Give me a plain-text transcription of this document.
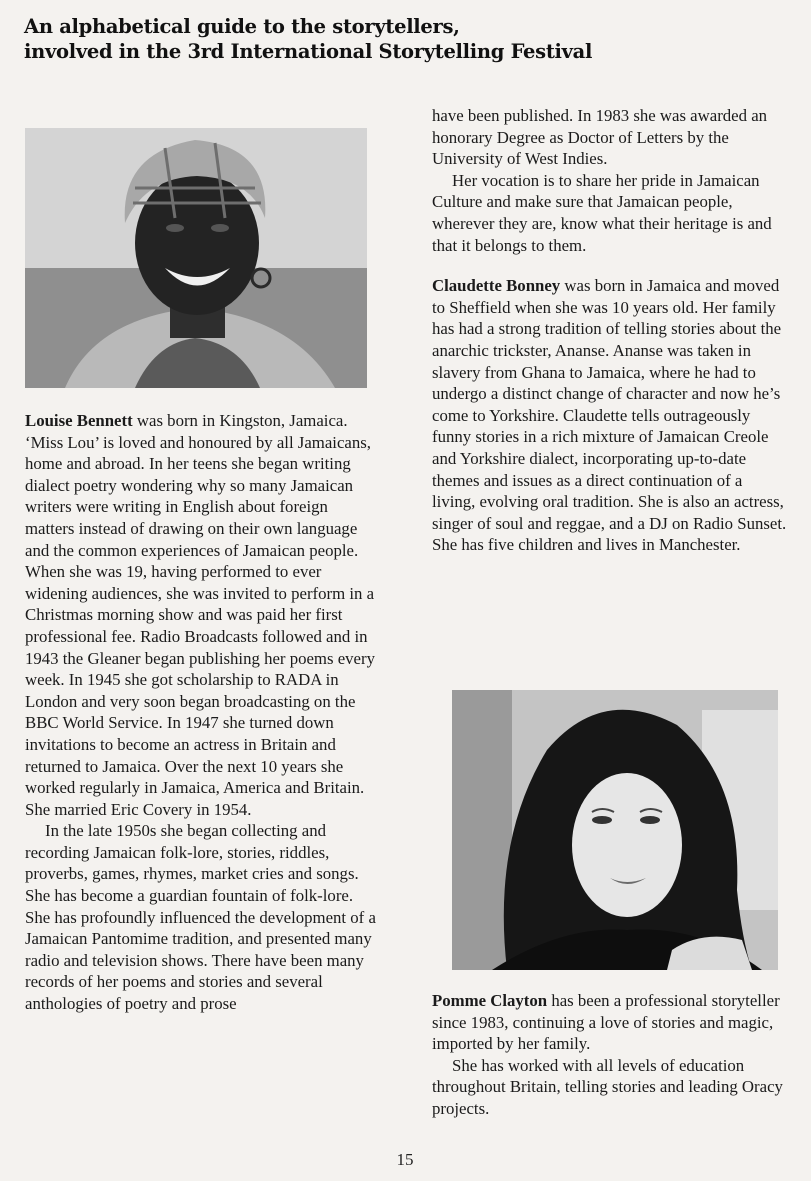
An alphabetical guide to the storytellers,
involved in the 3rd International Storytelling Festival

Louise Bennett was born in Kingston, Jamaica. ‘Miss Lou’ is loved and honoured by all Jamaicans, home and abroad. In her teens she began writing dialect poetry wondering why so many Jamaican writers were writing in English about foreign matters instead of drawing on their own language and the common experiences of Jamaican people. When she was 19, having performed to ever widening audiences, she was invited to perform in a Christmas morning show and was paid her first professional fee. Radio Broadcasts followed and in 1943 the Gleaner began publishing her poems every week. In 1945 she got scholarship to RADA in London and very soon began broadcasting on the BBC World Service. In 1947 she turned down invitations to become an actress in Britain and returned to Jamaica. Over the next 10 years she worked regularly in Jamaica, America and Britain. She married Eric Covery in 1954.

In the late 1950s she began collecting and recording Jamaican folk-lore, stories, riddles, proverbs, games, rhymes, market cries and songs. She has become a guardian fountain of folk-lore. She has profoundly influenced the development of a Jamaican Pantomime tradition, and presented many radio and television shows. There have been many records of her poems and stories and several anthologies of poetry and prose

have been published. In 1983 she was awarded an honorary Degree as Doctor of Letters by the University of West Indies.

Her vocation is to share her pride in Jamaican Culture and make sure that Jamaican people, wherever they are, know what their heritage is and that it belongs to them.

Claudette Bonney was born in Jamaica and moved to Sheffield when she was 10 years old. Her family has had a strong tradition of telling stories about the anarchic trickster, Ananse. Ananse was taken in slavery from Ghana to Jamaica, where he had to undergo a distinct change of character and now he’s come to Yorkshire. Claudette tells outrageously funny stories in a rich mixture of Jamaican Creole and Yorkshire dialect, incorporating up-to-date themes and issues as a direct continuation of a living, evolving oral tradition. She is also an actress, singer of soul and reggae, and a DJ on Radio Sunset. She has five children and lives in Manchester.

Pomme Clayton has been a professional storyteller since 1983, continuing a love of stories and magic, imported by her family.

She has worked with all levels of education throughout Britain, telling stories and leading Oracy projects.

15
